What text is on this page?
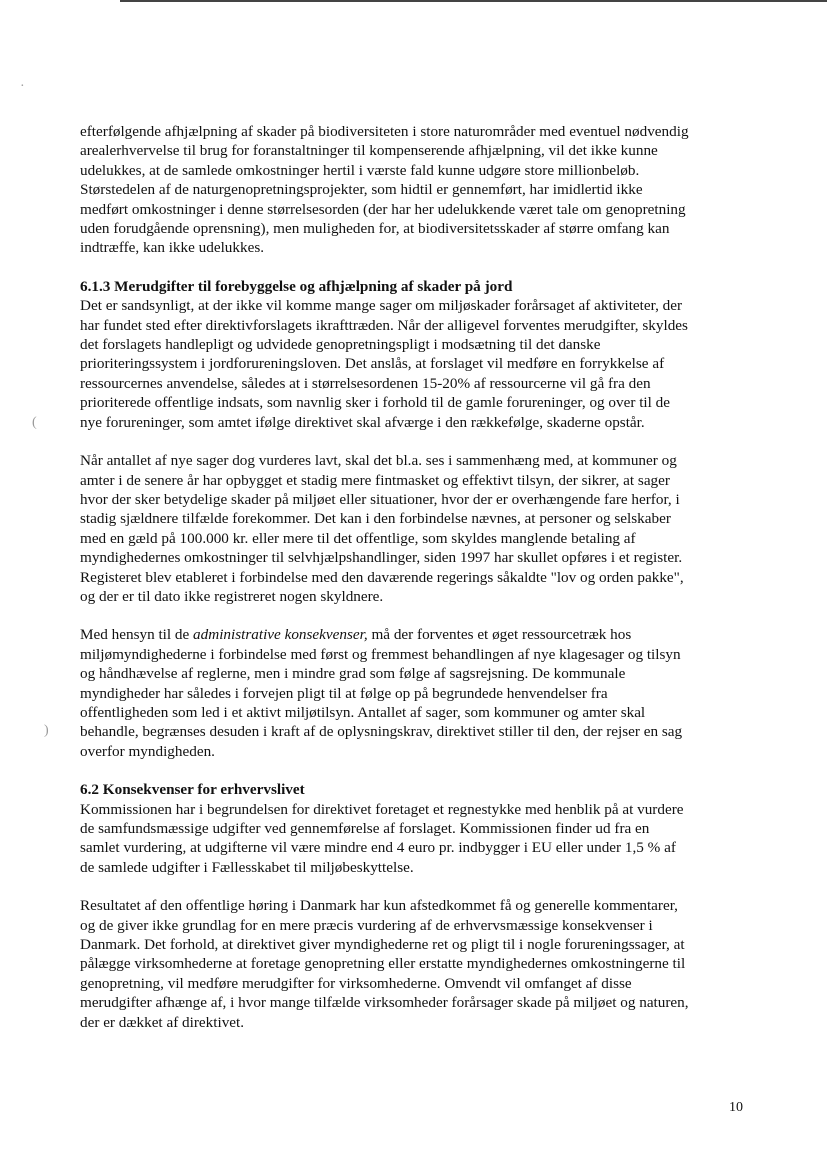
·
(
)

efterfølgende afhjælpning af skader på biodiversiteten i store naturområder med eventuel nødvendig
arealerhvervelse til brug for foranstaltninger til kompenserende afhjælpning, vil det ikke kunne
udelukkes, at de samlede omkostninger hertil i værste fald kunne udgøre store millionbeløb.
Størstedelen af de naturgenopretningsprojekter, som hidtil er gennemført, har imidlertid ikke
medført omkostninger i denne størrelsesorden (der har her udelukkende været tale om genopretning
uden forudgående oprensning), men muligheden for, at biodiversitetsskader af større omfang kan
indtræffe, kan ikke udelukkes.

6.1.3 Merudgifter til forebyggelse og afhjælpning af skader på jord

Det er sandsynligt, at der ikke vil komme mange sager om miljøskader forårsaget af aktiviteter, der
har fundet sted efter direktivforslagets ikrafttræden. Når der alligevel forventes merudgifter, skyldes
det forslagets handlepligt og udvidede genopretningspligt i modsætning til det danske
prioriteringssystem i jordforureningsloven. Det anslås, at forslaget vil medføre en forrykkelse af
ressourcernes anvendelse, således at i størrelsesordenen 15-20% af ressourcerne vil gå fra den
prioriterede offentlige indsats, som navnlig sker i forhold til de gamle forureninger, og over til de
nye forureninger, som amtet ifølge direktivet skal afværge i den rækkefølge, skaderne opstår.

Når antallet af nye sager dog vurderes lavt, skal det bl.a. ses i sammenhæng med, at kommuner og
amter i de senere år har opbygget et stadig mere fintmasket og effektivt tilsyn, der sikrer, at sager
hvor der sker betydelige skader på miljøet eller situationer, hvor der er overhængende fare herfor, i
stadig sjældnere tilfælde forekommer. Det kan i den forbindelse nævnes, at personer og selskaber
med en gæld på 100.000 kr. eller mere til det offentlige, som skyldes manglende betaling af
myndighedernes omkostninger til selvhjælpshandlinger, siden 1997 har skullet opføres i et register.
Registeret blev etableret i forbindelse med den daværende regerings såkaldte "lov og orden pakke",
og der er til dato ikke registreret nogen skyldnere.

Med hensyn til de administrative konsekvenser, må der forventes et øget ressourcetræk hos
miljømyndighederne i forbindelse med først og fremmest behandlingen af nye klagesager og tilsyn
og håndhævelse af reglerne, men i mindre grad som følge af sagsrejsning. De kommunale
myndigheder har således i forvejen pligt til at følge op på begrundede henvendelser fra
offentligheden som led i et aktivt miljøtilsyn. Antallet af sager, som kommuner og amter skal
behandle, begrænses desuden i kraft af de oplysningskrav, direktivet stiller til den, der rejser en sag
overfor myndigheden.

6.2 Konsekvenser for erhvervslivet

Kommissionen har i begrundelsen for direktivet foretaget et regnestykke med henblik på at vurdere
de samfundsmæssige udgifter ved gennemførelse af forslaget. Kommissionen finder ud fra en
samlet vurdering, at udgifterne vil være mindre end 4 euro pr. indbygger i EU eller under 1,5 % af
de samlede udgifter i Fællesskabet til miljøbeskyttelse.

Resultatet af den offentlige høring i Danmark har kun afstedkommet få og generelle kommentarer,
og de giver ikke grundlag for en mere præcis vurdering af de erhvervsmæssige konsekvenser i
Danmark. Det forhold, at direktivet giver myndighederne ret og pligt til i nogle forureningssager, at
pålægge virksomhederne at foretage genopretning eller erstatte myndighedernes omkostningerne til
genopretning, vil medføre merudgifter for virksomhederne. Omvendt vil omfanget af disse
merudgifter afhænge af, i hvor mange tilfælde virksomheder forårsager skade på miljøet og naturen,
der er dækket af direktivet.

10
